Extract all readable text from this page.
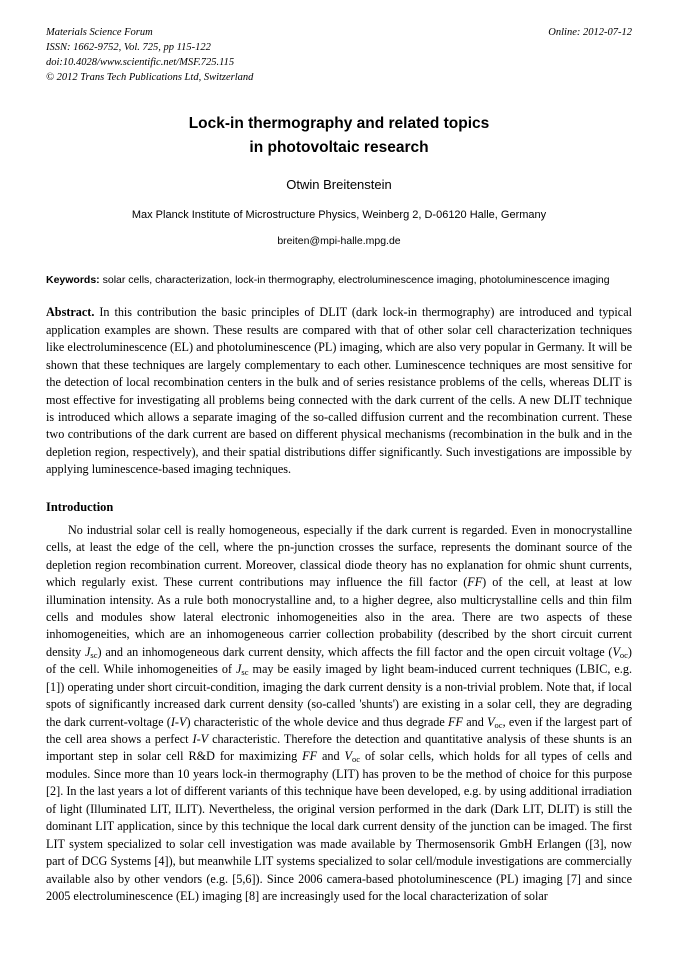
Materials Science Forum
ISSN: 1662-9752, Vol. 725, pp 115-122
doi:10.4028/www.scientific.net/MSF.725.115
© 2012 Trans Tech Publications Ltd, Switzerland
Online: 2012-07-12
Lock-in thermography and related topics
in photovoltaic research
Otwin Breitenstein
Max Planck Institute of Microstructure Physics, Weinberg 2, D-06120 Halle, Germany
breiten@mpi-halle.mpg.de
Keywords: solar cells, characterization, lock-in thermography, electroluminescence imaging, photoluminescence imaging
Abstract. In this contribution the basic principles of DLIT (dark lock-in thermography) are introduced and typical application examples are shown. These results are compared with that of other solar cell characterization techniques like electroluminescence (EL) and photoluminescence (PL) imaging, which are also very popular in Germany. It will be shown that these techniques are largely complementary to each other. Luminescence techniques are most sensitive for the detection of local recombination centers in the bulk and of series resistance problems of the cells, whereas DLIT is most effective for investigating all problems being connected with the dark current of the cells. A new DLIT technique is introduced which allows a separate imaging of the so-called diffusion current and the recombination current. These two contributions of the dark current are based on different physical mechanisms (recombination in the bulk and in the depletion region, respectively), and their spatial distributions differ significantly. Such investigations are impossible by applying luminescence-based imaging techniques.
Introduction
No industrial solar cell is really homogeneous, especially if the dark current is regarded. Even in monocrystalline cells, at least the edge of the cell, where the pn-junction crosses the surface, represents the dominant source of the depletion region recombination current. Moreover, classical diode theory has no explanation for ohmic shunt currents, which regularly exist. These current contributions may influence the fill factor (FF) of the cell, at least at low illumination intensity. As a rule both monocrystalline and, to a higher degree, also multicrystalline cells and thin film cells and modules show lateral electronic inhomogeneities also in the area. There are two aspects of these inhomogeneities, which are an inhomogeneous carrier collection probability (described by the short circuit current density $J_{sc}$) and an inhomogeneous dark current density, which affects the fill factor and the open circuit voltage $(V_{oc})$ of the cell. While inhomogeneities of $J_{sc}$ may be easily imaged by light beam-induced current techniques (LBIC, e.g. [1]) operating under short circuit-condition, imaging the dark current density is a non-trivial problem. Note that, if local spots of significantly increased dark current density (so-called 'shunts') are existing in a solar cell, they are degrading the dark current-voltage (I-V) characteristic of the whole device and thus degrade FF and $V_{oc}$, even if the largest part of the cell area shows a perfect I-V characteristic. Therefore the detection and quantitative analysis of these shunts is an important step in solar cell R&D for maximizing FF and $V_{oc}$ of solar cells, which holds for all types of cells and modules. Since more than 10 years lock-in thermography (LIT) has proven to be the method of choice for this purpose [2]. In the last years a lot of different variants of this technique have been developed, e.g. by using additional irradiation of light (Illuminated LIT, ILIT). Nevertheless, the original version performed in the dark (Dark LIT, DLIT) is still the dominant LIT application, since by this technique the local dark current density of the junction can be imaged. The first LIT system specialized to solar cell investigation was made available by Thermosensorik GmbH Erlangen ([3], now part of DCG Systems [4]), but meanwhile LIT systems specialized to solar cell/module investigations are commercially available also by other vendors (e.g. [5,6]). Since 2006 camera-based photoluminescence (PL) imaging [7] and since 2005 electroluminescence (EL) imaging [8] are increasingly used for the local characterization of solar
